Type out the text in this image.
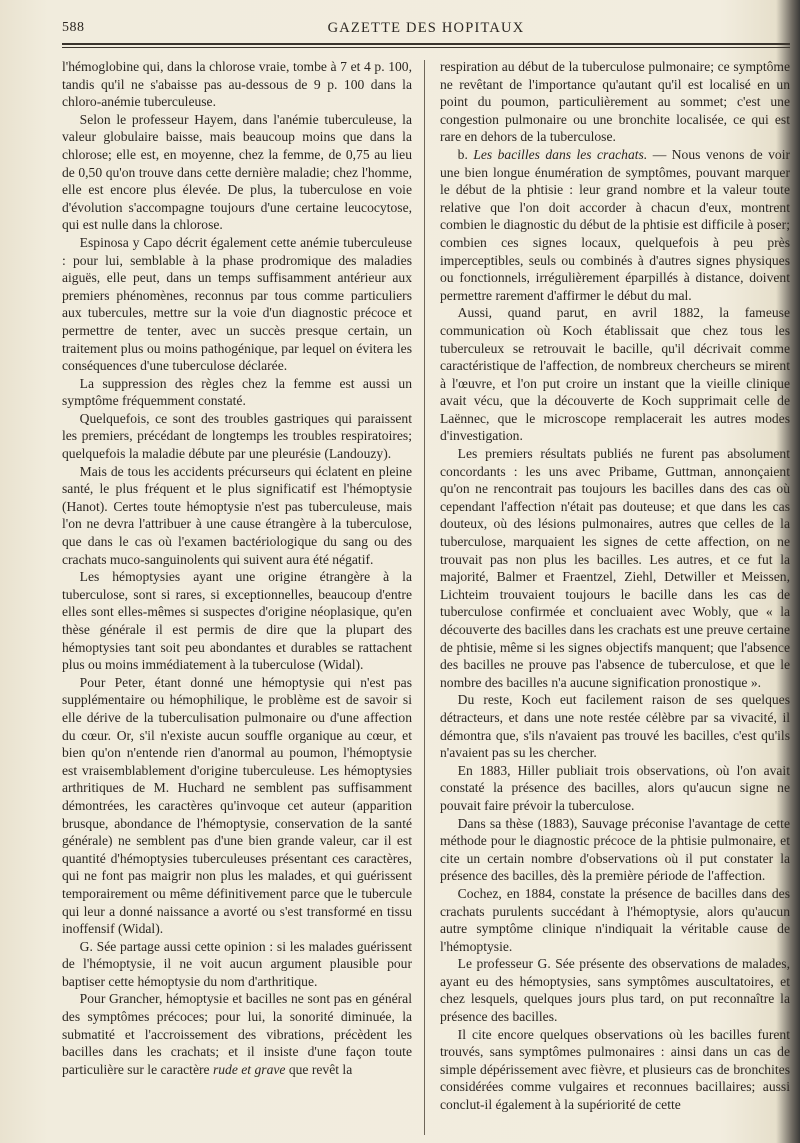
588	GAZETTE DES HOPITAUX

l'hémoglobine qui, dans la chlorose vraie, tombe à 7 et 4 p. 100, tandis qu'il ne s'abaisse pas au-dessous de 9 p. 100 dans la chloro-anémie tuberculeuse.

Selon le professeur Hayem, dans l'anémie tuberculeuse, la valeur globulaire baisse, mais beaucoup moins que dans la chlorose; elle est, en moyenne, chez la femme, de 0,75 au lieu de 0,50 qu'on trouve dans cette dernière maladie; chez l'homme, elle est encore plus élevée. De plus, la tuberculose en voie d'évolution s'accompagne toujours d'une certaine leucocytose, qui est nulle dans la chlorose.

Espinosa y Capo décrit également cette anémie tuberculeuse : pour lui, semblable à la phase prodromique des maladies aiguës, elle peut, dans un temps suffisamment antérieur aux premiers phénomènes, reconnus par tous comme particuliers aux tubercules, mettre sur la voie d'un diagnostic précoce et permettre de tenter, avec un succès presque certain, un traitement plus ou moins pathogénique, par lequel on évitera les conséquences d'une tuberculose déclarée.

La suppression des règles chez la femme est aussi un symptôme fréquemment constaté.

Quelquefois, ce sont des troubles gastriques qui paraissent les premiers, précédant de longtemps les troubles respiratoires; quelquefois la maladie débute par une pleurésie (Landouzy).

Mais de tous les accidents précurseurs qui éclatent en pleine santé, le plus fréquent et le plus significatif est l'hémoptysie (Hanot). Certes toute hémoptysie n'est pas tuberculeuse, mais l'on ne devra l'attribuer à une cause étrangère à la tuberculose, que dans le cas où l'examen bactériologique du sang ou des crachats muco-sanguinolents qui suivent aura été négatif.

Les hémoptysies ayant une origine étrangère à la tuberculose, sont si rares, si exceptionnelles, beaucoup d'entre elles sont elles-mêmes si suspectes d'origine néoplasique, qu'en thèse générale il est permis de dire que la plupart des hémoptysies tant soit peu abondantes et durables se rattachent plus ou moins immédiatement à la tuberculose (Widal).

Pour Peter, étant donné une hémoptysie qui n'est pas supplémentaire ou hémophilique, le problème est de savoir si elle dérive de la tuberculisation pulmonaire ou d'une affection du cœur. Or, s'il n'existe aucun souffle organique au cœur, et bien qu'on n'entende rien d'anormal au poumon, l'hémoptysie est vraisemblablement d'origine tuberculeuse. Les hémoptysies arthritiques de M. Huchard ne semblent pas suffisamment démontrées, les caractères qu'invoque cet auteur (apparition brusque, abondance de l'hémoptysie, conservation de la santé générale) ne semblent pas d'une bien grande valeur, car il est quantité d'hémoptysies tuberculeuses présentant ces caractères, qui ne font pas maigrir non plus les malades, et qui guérissent temporairement ou même définitivement parce que le tubercule qui leur a donné naissance a avorté ou s'est transformé en tissu inoffensif (Widal).

G. Sée partage aussi cette opinion : si les malades guérissent de l'hémoptysie, il ne voit aucun argument plausible pour baptiser cette hémoptysie du nom d'arthritique.

Pour Grancher, hémoptysie et bacilles ne sont pas en général des symptômes précoces; pour lui, la sonorité diminuée, la submatité et l'accroissement des vibrations, précèdent les bacilles dans les crachats; et il insiste d'une façon toute particulière sur le caractère rude et grave que revêt la

respiration au début de la tuberculose pulmonaire; ce symptôme ne revêtant de l'importance qu'autant qu'il est localisé en un point du poumon, particulièrement au sommet; c'est une congestion pulmonaire ou une bronchite localisée, ce qui est rare en dehors de la tuberculose.

b. Les bacilles dans les crachats. — Nous venons de voir une bien longue énumération de symptômes, pouvant marquer le début de la phtisie : leur grand nombre et la valeur toute relative que l'on doit accorder à chacun d'eux, montrent combien le diagnostic du début de la phtisie est difficile à poser; combien ces signes locaux, quelquefois à peu près imperceptibles, seuls ou combinés à d'autres signes physiques ou fonctionnels, irrégulièrement éparpillés à distance, doivent permettre rarement d'affirmer le début du mal.

Aussi, quand parut, en avril 1882, la fameuse communication où Koch établissait que chez tous les tuberculeux se retrouvait le bacille, qu'il décrivait comme caractéristique de l'affection, de nombreux chercheurs se mirent à l'œuvre, et l'on put croire un instant que la vieille clinique avait vécu, que la découverte de Koch supprimait celle de Laënnec, que le microscope remplacerait les autres modes d'investigation.

Les premiers résultats publiés ne furent pas absolument concordants : les uns avec Pribame, Guttman, annonçaient qu'on ne rencontrait pas toujours les bacilles dans des cas où cependant l'affection n'était pas douteuse; et que dans les cas douteux, où des lésions pulmonaires, autres que celles de la tuberculose, marquaient les signes de cette affection, on ne trouvait pas non plus les bacilles. Les autres, et ce fut la majorité, Balmer et Fraentzel, Ziehl, Detwiller et Meissen, Lichteim trouvaient toujours le bacille dans les cas de tuberculose confirmée et concluaient avec Wobly, que « la découverte des bacilles dans les crachats est une preuve certaine de phtisie, même si les signes objectifs manquent; que l'absence des bacilles ne prouve pas l'absence de tuberculose, et que le nombre des bacilles n'a aucune signification pronostique ».

Du reste, Koch eut facilement raison de ses quelques détracteurs, et dans une note restée célèbre par sa vivacité, il démontra que, s'ils n'avaient pas trouvé les bacilles, c'est qu'ils n'avaient pas su les chercher.

En 1883, Hiller publiait trois observations, où l'on avait constaté la présence des bacilles, alors qu'aucun signe ne pouvait faire prévoir la tuberculose.

Dans sa thèse (1883), Sauvage préconise l'avantage de cette méthode pour le diagnostic précoce de la phtisie pulmonaire, et cite un certain nombre d'observations où il put constater la présence des bacilles, dès la première période de l'affection.

Cochez, en 1884, constate la présence de bacilles dans des crachats purulents succédant à l'hémoptysie, alors qu'aucun autre symptôme clinique n'indiquait la véritable cause de l'hémoptysie.

Le professeur G. Sée présente des observations de malades, ayant eu des hémoptysies, sans symptômes auscultatoires, et chez lesquels, quelques jours plus tard, on put reconnaître la présence des bacilles.

Il cite encore quelques observations où les bacilles furent trouvés, sans symptômes pulmonaires : ainsi dans un cas de simple dépérissement avec fièvre, et plusieurs cas de bronchites considérées comme vulgaires et reconnues bacillaires; aussi conclut-il également à la supériorité de cette
